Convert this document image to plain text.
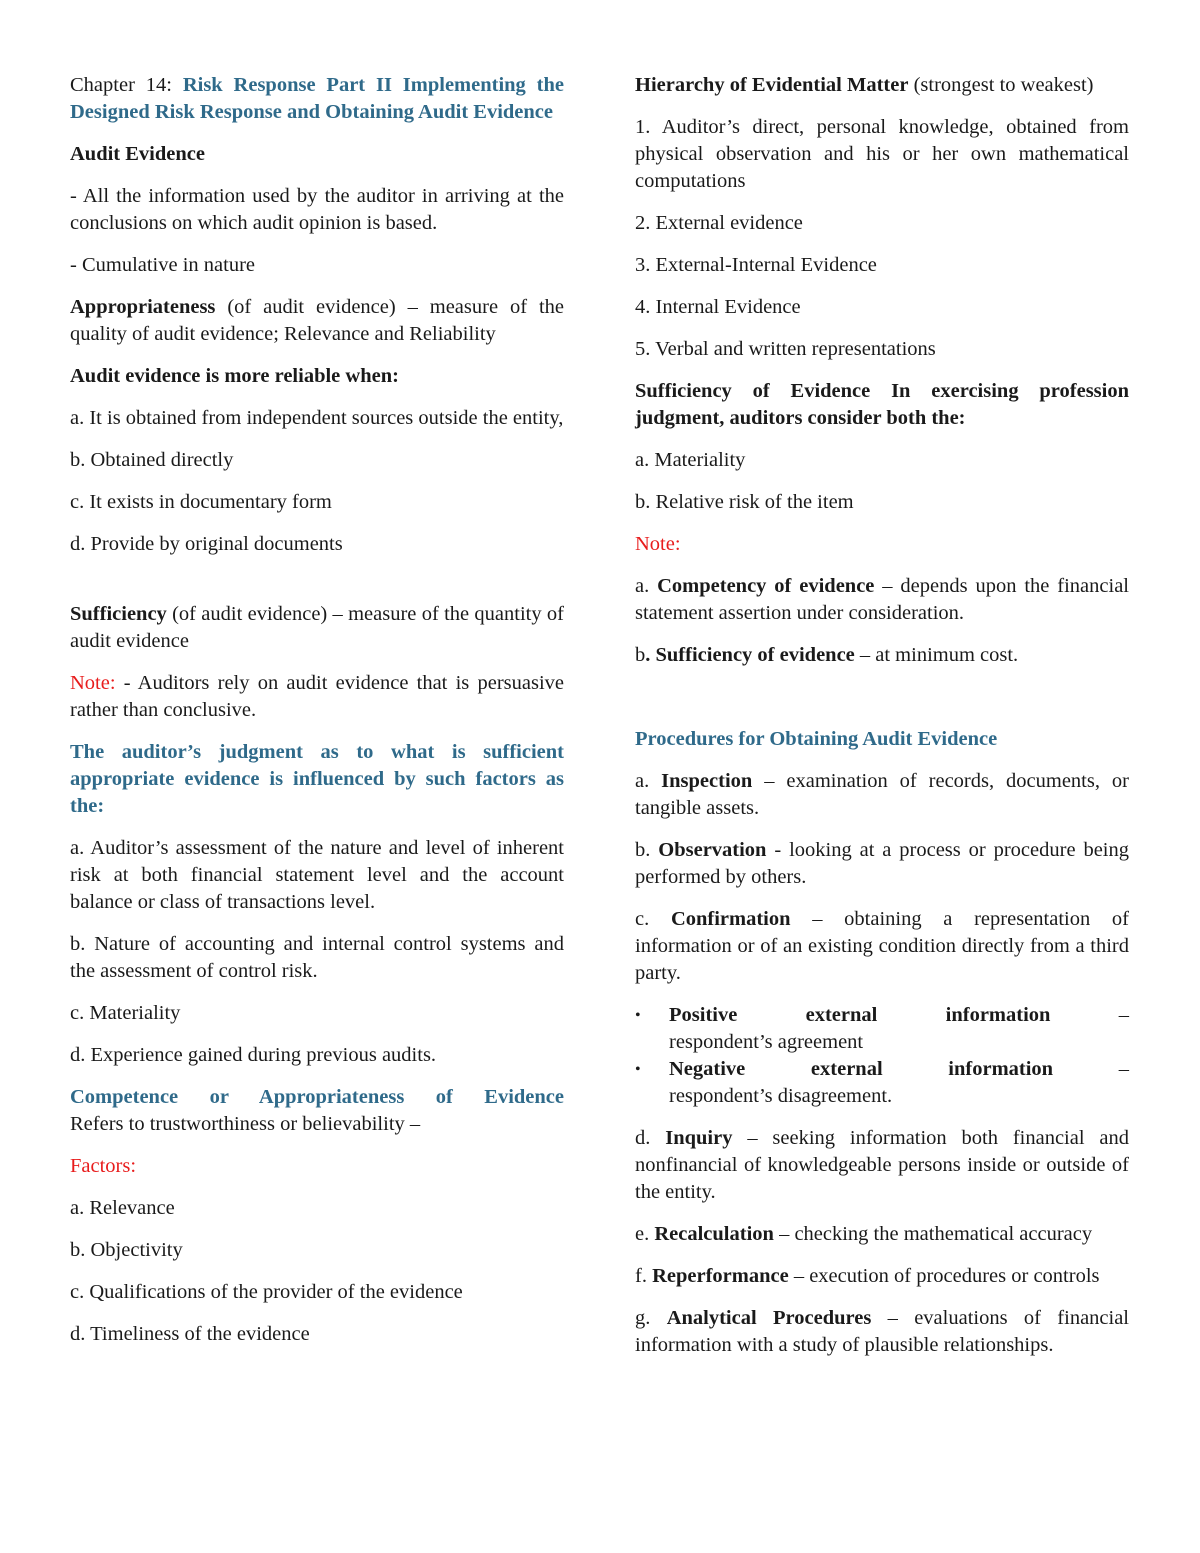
Chapter 14: Risk Response Part II Implementing the Designed Risk Response and Obtaining Audit Evidence

Audit Evidence

- All the information used by the auditor in arriving at the conclusions on which audit opinion is based.

- Cumulative in nature

Appropriateness (of audit evidence) – measure of the quality of audit evidence; Relevance and Reliability

Audit evidence is more reliable when:

a. It is obtained from independent sources outside the entity,

b. Obtained directly

c. It exists in documentary form

d. Provide by original documents

Sufficiency (of audit evidence) – measure of the quantity of audit evidence

Note: - Auditors rely on audit evidence that is persuasive rather than conclusive.

The auditor’s judgment as to what is sufficient appropriate evidence is influenced by such factors as the:

a. Auditor’s assessment of the nature and level of inherent risk at both financial statement level and the account balance or class of transactions level.

b. Nature of accounting and internal control systems and the assessment of control risk.

c. Materiality

d. Experience gained during previous audits.

Competence or Appropriateness of Evidence
Refers to trustworthiness or believability –

Factors:

a. Relevance

b. Objectivity

c. Qualifications of the provider of the evidence

d. Timeliness of the evidence

Hierarchy of Evidential Matter (strongest to weakest)

1. Auditor’s direct, personal knowledge, obtained from physical observation and his or her own mathematical computations

2. External evidence

3. External-Internal Evidence

4. Internal Evidence

5. Verbal and written representations

Sufficiency of Evidence In exercising profession judgment, auditors consider both the:

a. Materiality

b. Relative risk of the item

Note:

a. Competency of evidence – depends upon the financial statement assertion under consideration.

b. Sufficiency of evidence – at minimum cost.

Procedures for Obtaining Audit Evidence

a. Inspection – examination of records, documents, or tangible assets.

b. Observation - looking at a process or procedure being performed by others.

c. Confirmation – obtaining a representation of information or of an existing condition directly from a third party.

•	Positive external information –
respondent’s agreement
•	Negative external information –
respondent’s disagreement.

d. Inquiry – seeking information both financial and nonfinancial of knowledgeable persons inside or outside of the entity.

e. Recalculation – checking the mathematical accuracy

f. Reperformance – execution of procedures or controls

g. Analytical Procedures – evaluations of financial information with a study of plausible relationships.
